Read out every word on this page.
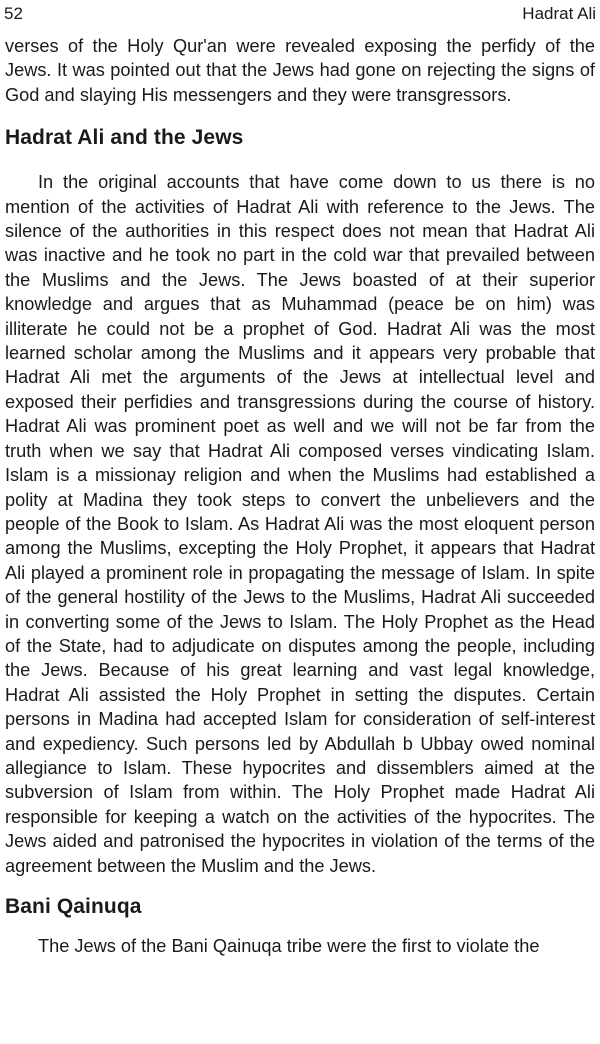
52	Hadrat Ali

verses of the Holy Qur'an were revealed exposing the perfidy of the Jews. It was pointed out that the Jews had gone on rejecting the signs of God and slaying His messengers and they were transgressors.

Hadrat Ali and the Jews

In the original accounts that have come down to us there is no mention of the activities of Hadrat Ali with reference to the Jews. The silence of the authorities in this respect does not mean that Hadrat Ali was inactive and he took no part in the cold war that prevailed between the Muslims and the Jews. The Jews boasted of at their superior knowledge and argues that as Muhammad (peace be on him) was illiterate he could not be a prophet of God. Hadrat Ali was the most learned scholar among the Muslims and it appears very probable that Hadrat Ali met the arguments of the Jews at intellectual level and exposed their perfidies and transgressions during the course of history. Hadrat Ali was prominent poet as well and we will not be far from the truth when we say that Hadrat Ali composed verses vindicating Islam. Islam is a missionay religion and when the Muslims had established a polity at Madina they took steps to convert the unbelievers and the people of the Book to Islam. As Hadrat Ali was the most eloquent person among the Muslims, excepting the Holy Prophet, it appears that Hadrat Ali played a prominent role in propagating the message of Islam. In spite of the general hostility of the Jews to the Muslims, Hadrat Ali succeeded in converting some of the Jews to Islam. The Holy Prophet as the Head of the State, had to adjudicate on disputes among the people, including the Jews. Because of his great learning and vast legal knowledge, Hadrat Ali assisted the Holy Prophet in setting the disputes. Certain persons in Madina had accepted Islam for consideration of self-interest and expediency. Such persons led by Abdullah b Ubbay owed nominal allegiance to Islam. These hypocrites and dissemblers aimed at the subversion of Islam from within. The Holy Prophet made Hadrat Ali responsible for keeping a watch on the activities of the hypocrites. The Jews aided and patronised the hypocrites in violation of the terms of the agreement between the Muslim and the Jews.

Bani Qainuqa

The Jews of the Bani Qainuqa tribe were the first to violate the
